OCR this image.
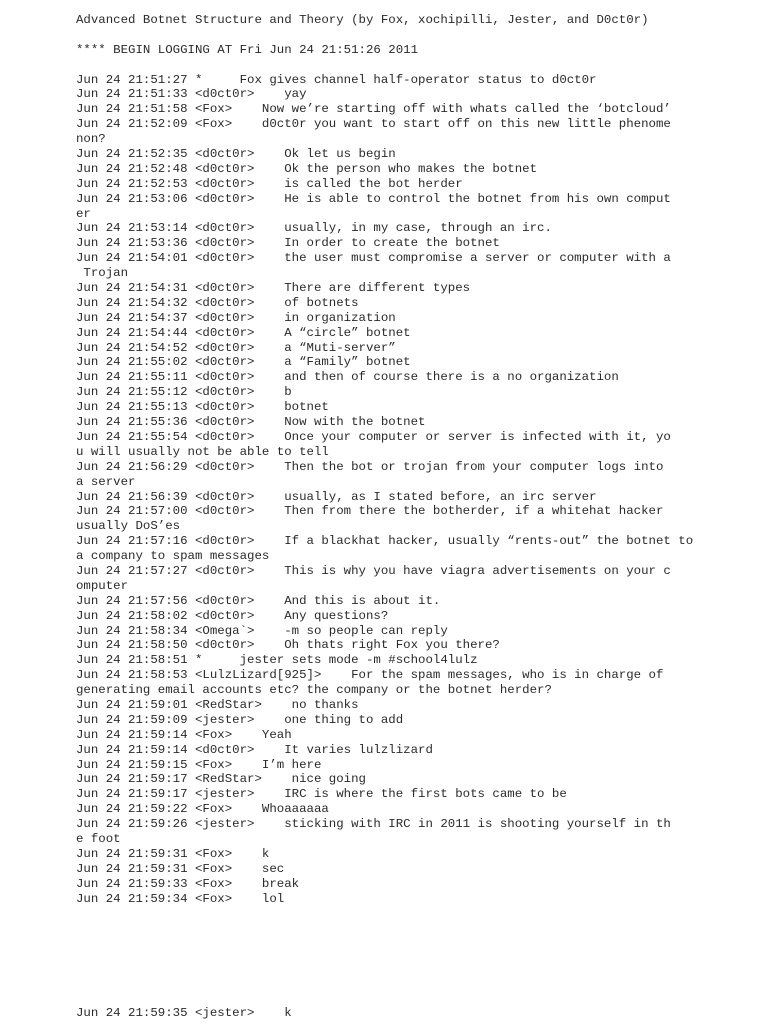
Advanced Botnet Structure and Theory (by Fox, xochipilli, Jester, and D0ct0r)
**** BEGIN LOGGING AT Fri Jun 24 21:51:26 2011
Jun 24 21:51:27 *     Fox gives channel half-operator status to d0ct0r
Jun 24 21:51:33 <d0ct0r>    yay
Jun 24 21:51:58 <Fox>    Now we’re starting off with whats called the ‘botcloud’
Jun 24 21:52:09 <Fox>    d0ct0r you want to start off on this new little phenome
non?
Jun 24 21:52:35 <d0ct0r>    Ok let us begin
Jun 24 21:52:48 <d0ct0r>    Ok the person who makes the botnet
Jun 24 21:52:53 <d0ct0r>    is called the bot herder
Jun 24 21:53:06 <d0ct0r>    He is able to control the botnet from his own comput
er
Jun 24 21:53:14 <d0ct0r>    usually, in my case, through an irc.
Jun 24 21:53:36 <d0ct0r>    In order to create the botnet
Jun 24 21:54:01 <d0ct0r>    the user must compromise a server or computer with a
Trojan
Jun 24 21:54:31 <d0ct0r>    There are different types
Jun 24 21:54:32 <d0ct0r>    of botnets
Jun 24 21:54:37 <d0ct0r>    in organization
Jun 24 21:54:44 <d0ct0r>    A “circle” botnet
Jun 24 21:54:52 <d0ct0r>    a “Muti-server”
Jun 24 21:55:02 <d0ct0r>    a “Family” botnet
Jun 24 21:55:11 <d0ct0r>    and then of course there is a no organization
Jun 24 21:55:12 <d0ct0r>    b
Jun 24 21:55:13 <d0ct0r>    botnet
Jun 24 21:55:36 <d0ct0r>    Now with the botnet
Jun 24 21:55:54 <d0ct0r>    Once your computer or server is infected with it, yo
u will usually not be able to tell
Jun 24 21:56:29 <d0ct0r>    Then the bot or trojan from your computer logs into
a server
Jun 24 21:56:39 <d0ct0r>    usually, as I stated before, an irc server
Jun 24 21:57:00 <d0ct0r>    Then from there the botherder, if a whitehat hacker
usually DoS’es
Jun 24 21:57:16 <d0ct0r>    If a blackhat hacker, usually “rents-out” the botnet to
a company to spam messages
Jun 24 21:57:27 <d0ct0r>    This is why you have viagra advertisements on your c
omputer
Jun 24 21:57:56 <d0ct0r>    And this is about it.
Jun 24 21:58:02 <d0ct0r>    Any questions?
Jun 24 21:58:34 <Omega`>    -m so people can reply
Jun 24 21:58:50 <d0ct0r>    Oh thats right Fox you there?
Jun 24 21:58:51 *     jester sets mode -m #school4lulz
Jun 24 21:58:53 <LulzLizard[925]>    For the spam messages, who is in charge of
generating email accounts etc? the company or the botnet herder?
Jun 24 21:59:01 <RedStar>    no thanks
Jun 24 21:59:09 <jester>    one thing to add
Jun 24 21:59:14 <Fox>    Yeah
Jun 24 21:59:14 <d0ct0r>    It varies lulzlizard
Jun 24 21:59:15 <Fox>    I’m here
Jun 24 21:59:17 <RedStar>    nice going
Jun 24 21:59:17 <jester>    IRC is where the first bots came to be
Jun 24 21:59:22 <Fox>    Whoaaaaaa
Jun 24 21:59:26 <jester>    sticking with IRC in 2011 is shooting yourself in th
e foot
Jun 24 21:59:31 <Fox>    k
Jun 24 21:59:31 <Fox>    sec
Jun 24 21:59:33 <Fox>    break
Jun 24 21:59:34 <Fox>    lol
Jun 24 21:59:35 <jester>    k
